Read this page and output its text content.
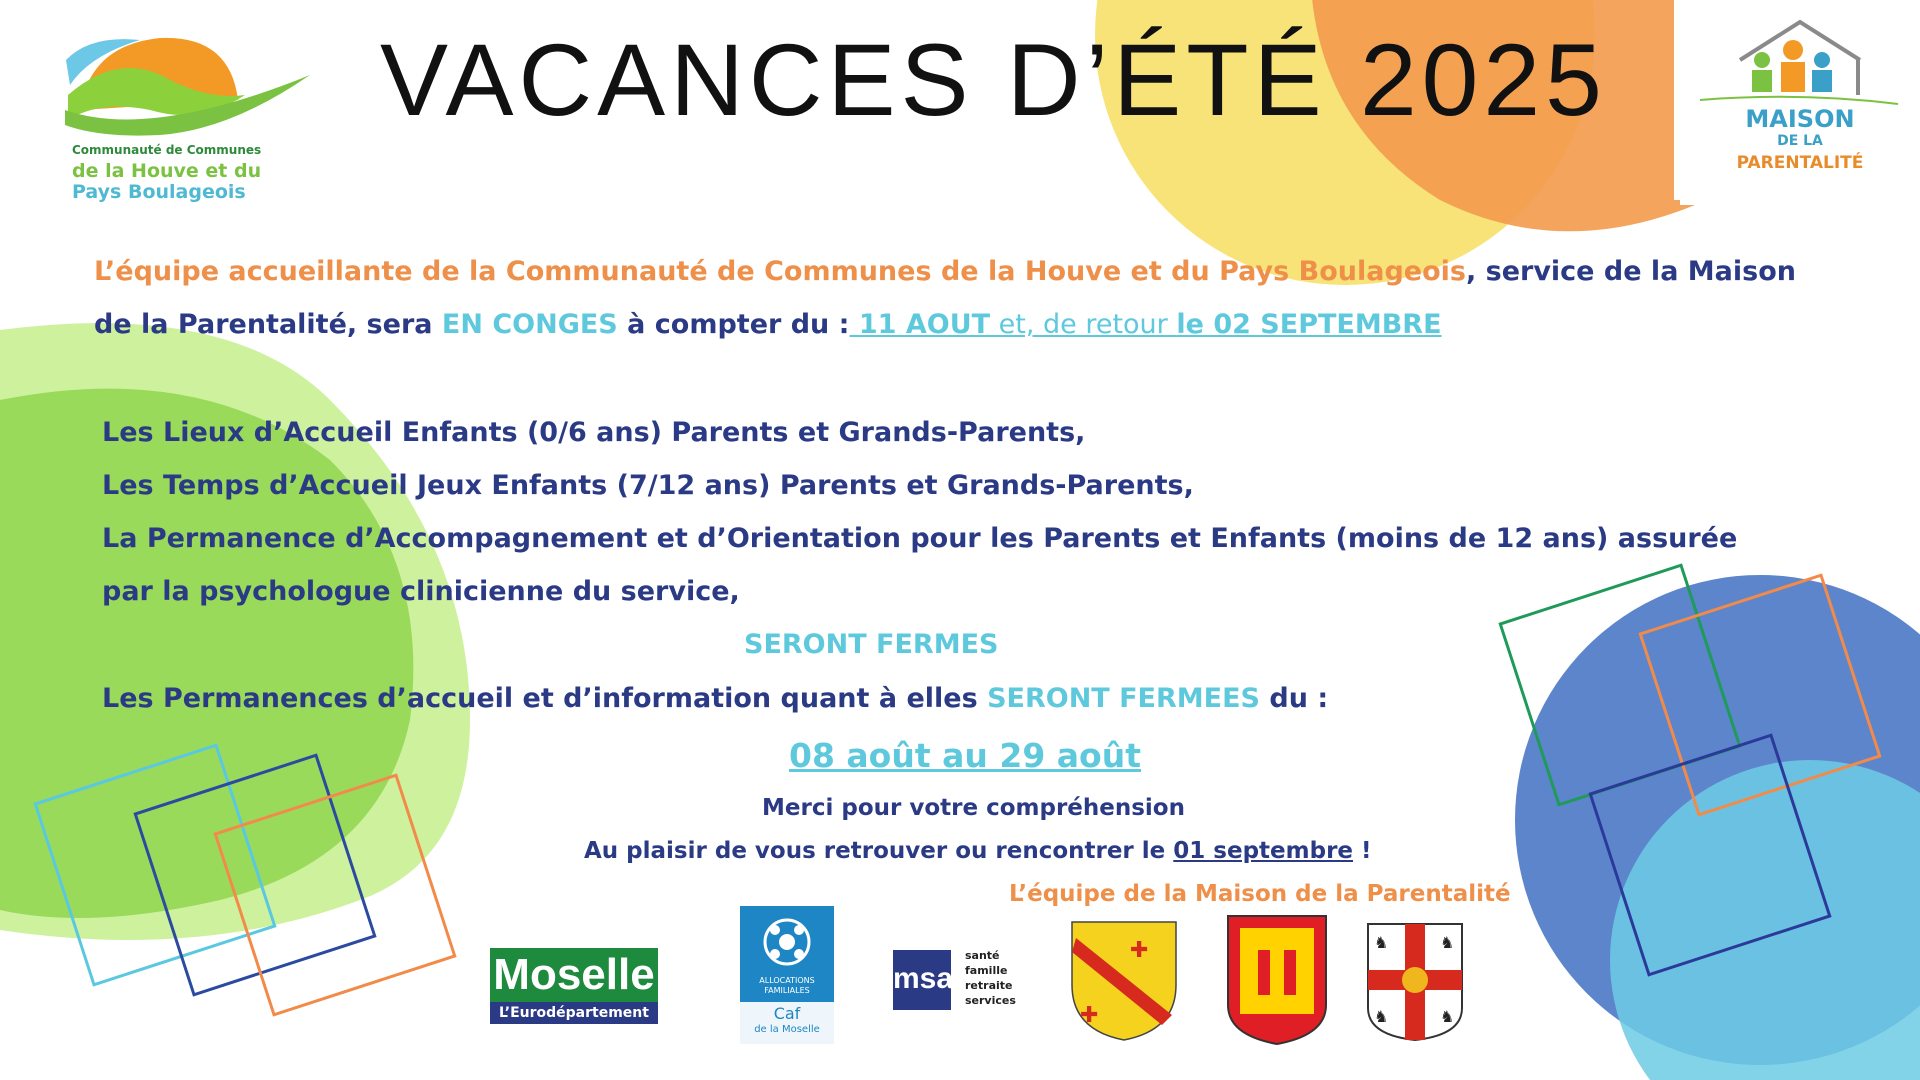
✚
✚
♞	♞
♞	♞
Communauté de Communes
de la Houve et du
Pays Boulageois
VACANCES D’ÉTÉ 2025	MAISON
DE LA
PARENTALITÉ
L’équipe accueillante de la Communauté de Communes de la Houve et du Pays Boulageois, service de la Maison
de la Parentalité, sera EN CONGES à compter du : 11 AOUT et, de retour le 02 SEPTEMBRE
Les Lieux d’Accueil Enfants (0/6 ans) Parents et Grands-Parents,
Les Temps d’Accueil Jeux Enfants (7/12 ans) Parents et Grands-Parents,
La Permanence d’Accompagnement et d’Orientation pour les Parents et Enfants (moins de 12 ans) assurée
par la psychologue clinicienne du service,
SERONT FERMES
Les Permanences d’accueil et d’information quant à elles SERONT FERMEES du :
08 août au 29 août
Merci pour votre compréhension
Au plaisir de vous retrouver ou rencontrer le 01 septembre !
L’équipe de la Maison de la Parentalité
Moselle
L’Eurodépartement
ALLOCATIONS
FAMILIALES
Caf
de la Moselle
msa
santé
famille
retraite
services
